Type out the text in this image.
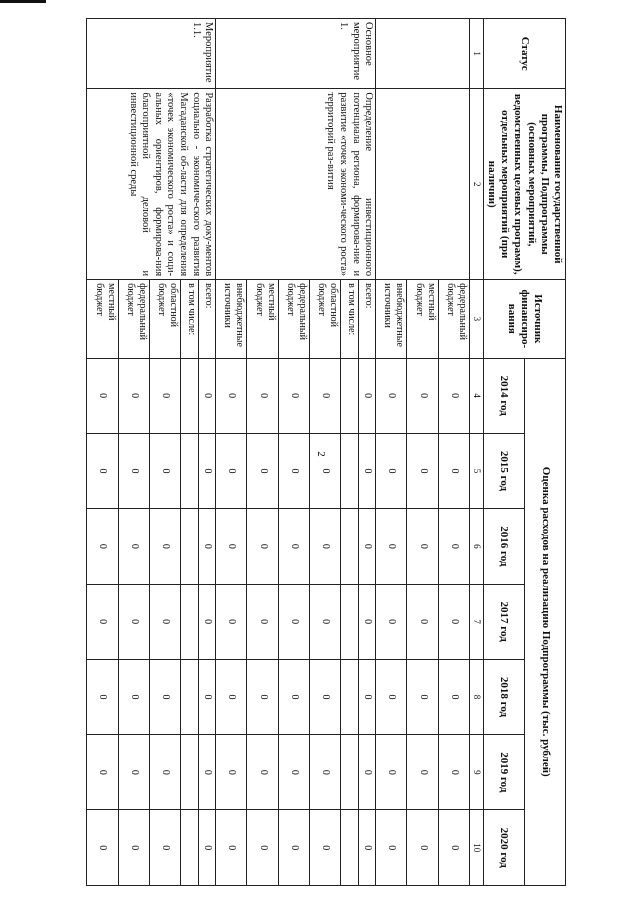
2
Статус	Наименование государственной программы, Подпрограммы (основных мероприятий, ведомственных целевых программ), отдельных мероприятий (при наличии)	Источник финансиро-вания	Оценка расходов на реализацию Подпрограммы (тыс. рублей)						
			2014 год	2015 год	2016 год	2017 год	2018 год	2019 год	2020 год

1	2	3	4	5	6	7	8	9	10
		федеральный бюджет	0	0	0	0	0	0	0
		местный бюджет	0	0	0	0	0	0	0
		внебюджетные источники	0	0	0	0	0	0	0
Основное мероприятие 1.	Определение инвестиционного потенциала региона, формирова-ние и развитие «точек экономи-ческого роста» территорий раз-вития	всего:	0	0	0	0	0	0	0
		в том числе:							
		областной бюджет	0	0	0	0	0	0	0
		федеральный бюджет	0	0	0	0	0	0	0
		местный бюджет	0	0	0	0	0	0	0
		внебюджетные источники	0	0	0	0	0	0	0
Мероприятие 1.1.	Разработка стратегических доку-ментов социально - экономиче-ского развития Магаданской об-ласти для определения «точек экономического роста» и соци-альных ориентиров, формирова-ния благоприятной деловой и инвестиционной среды	всего:	0	0	0	0	0	0	0
		в том числе:							
		областной бюджет	0	0	0	0	0	0	0
		федеральный бюджет	0	0	0	0	0	0	0
		местный бюджет	0	0	0	0	0	0	0
